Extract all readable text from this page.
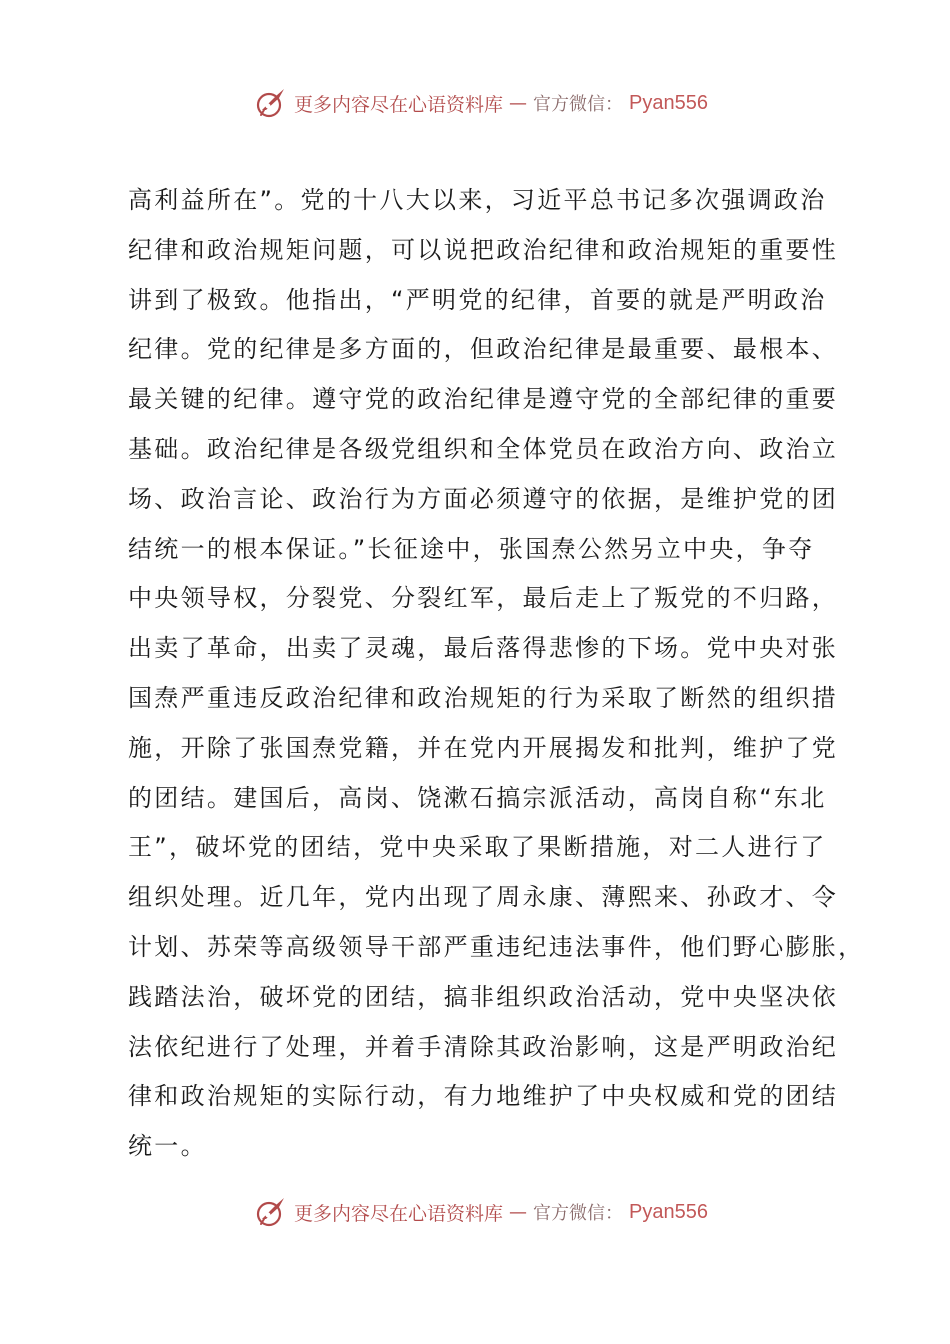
更多内容尽在心语资料库 — 官方微信： Pyan556
高利益所在”。党的十八大以来，习近平总书记多次强调政治
纪律和政治规矩问题，可以说把政治纪律和政治规矩的重要性
讲到了极致。他指出，“严明党的纪律，首要的就是严明政治
纪律。党的纪律是多方面的，但政治纪律是最重要、最根本、
最关键的纪律。遵守党的政治纪律是遵守党的全部纪律的重要
基础。政治纪律是各级党组织和全体党员在政治方向、政治立
场、政治言论、政治行为方面必须遵守的依据，是维护党的团
结统一的根本保证。”长征途中，张国焘公然另立中央，争夺
中央领导权，分裂党、分裂红军，最后走上了叛党的不归路，
出卖了革命，出卖了灵魂，最后落得悲惨的下场。党中央对张
国焘严重违反政治纪律和政治规矩的行为采取了断然的组织措
施，开除了张国焘党籍，并在党内开展揭发和批判，维护了党
的团结。建国后，高岗、饶漱石搞宗派活动，高岗自称“东北
王”，破坏党的团结，党中央采取了果断措施，对二人进行了
组织处理。近几年，党内出现了周永康、薄熙来、孙政才、令
计划、苏荣等高级领导干部严重违纪违法事件，他们野心膨胀，
践踏法治，破坏党的团结，搞非组织政治活动，党中央坚决依
法依纪进行了处理，并着手清除其政治影响，这是严明政治纪
律和政治规矩的实际行动，有力地维护了中央权威和党的团结
统一。
更多内容尽在心语资料库 — 官方微信： Pyan556
